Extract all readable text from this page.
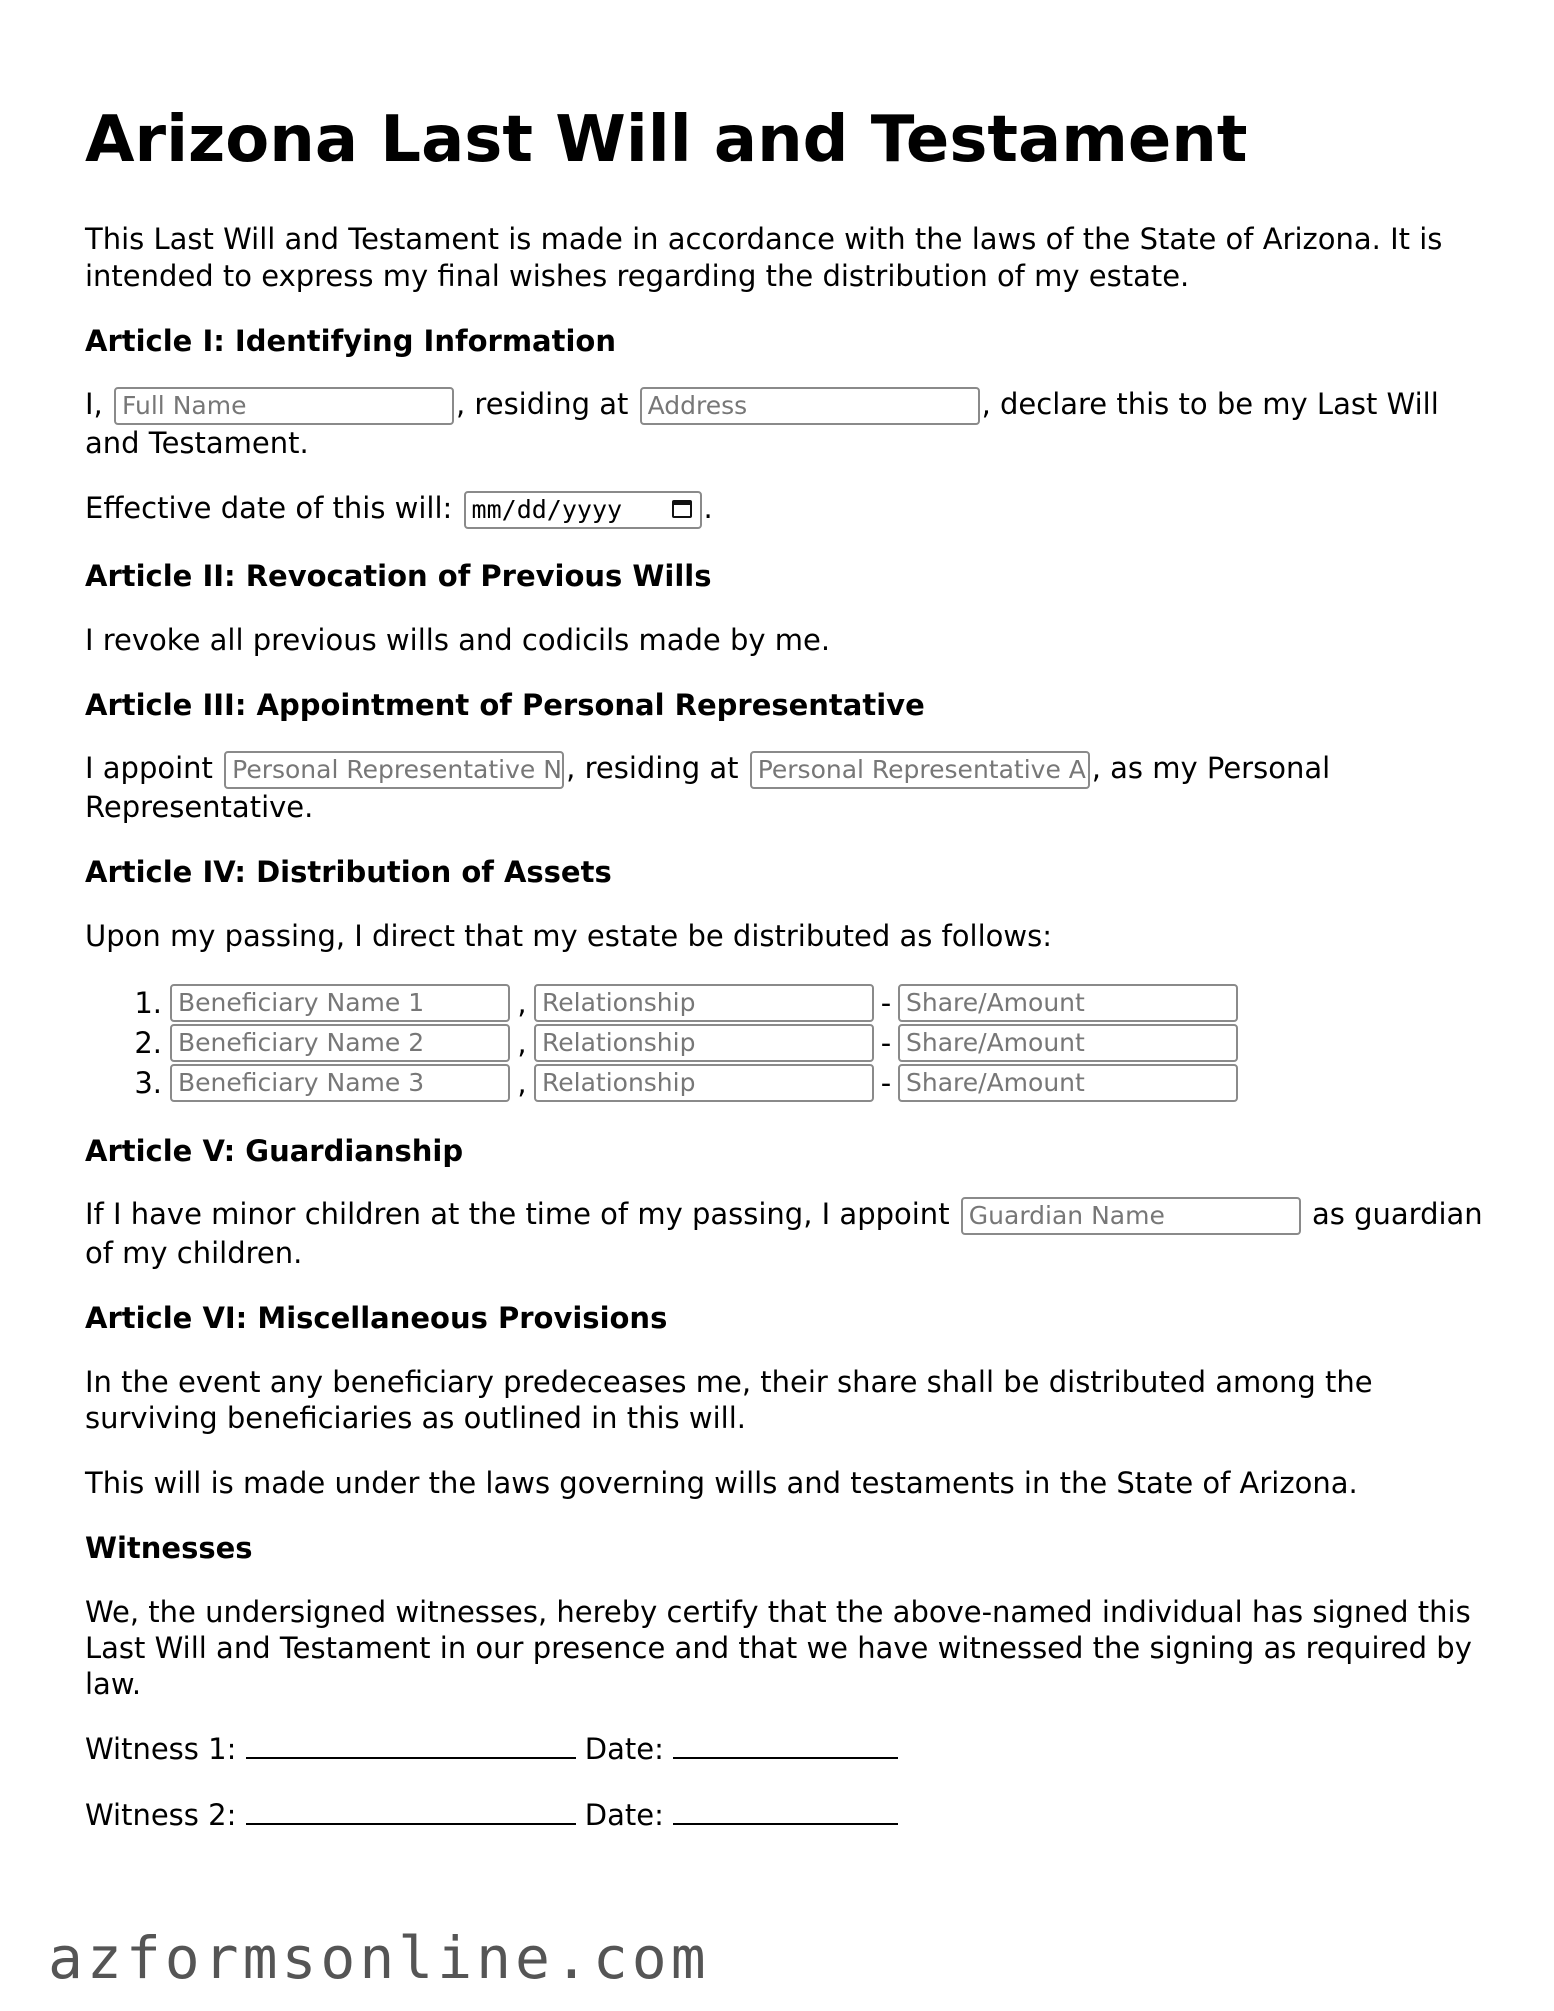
Arizona Last Will and Testament

This Last Will and Testament is made in accordance with the laws of the State of Arizona. It is intended to express my final wishes regarding the distribution of my estate.

Article I: Identifying Information

I, Full Name	, residing at Address	, declare this to be my Last Will and Testament.

Effective date of this will: mm/dd/yyyy	.

Article II: Revocation of Previous Wills

I revoke all previous wills and codicils made by me.

Article III: Appointment of Personal Representative

I appoint Personal Representative N , residing at Personal Representative A , as my Personal Representative.

Article IV: Distribution of Assets

Upon my passing, I direct that my estate be distributed as follows:

1. Beneficiary Name 1	, Relationship	- Share/Amount
2. Beneficiary Name 2	, Relationship	- Share/Amount
3. Beneficiary Name 3	, Relationship	- Share/Amount
Article V: Guardianship

If I have minor children at the time of my passing, I appoint Guardian Name	as guardian of my children.

Article VI: Miscellaneous Provisions

In the event any beneficiary predeceases me, their share shall be distributed among the surviving beneficiaries as outlined in this will.

This will is made under the laws governing wills and testaments in the State of Arizona.

Witnesses

We, the undersigned witnesses, hereby certify that the above-named individual has signed this Last Will and Testament in our presence and that we have witnessed the signing as required by law.

Witness 1:	Date:

Witness 2:	Date:

azformsonline.com
